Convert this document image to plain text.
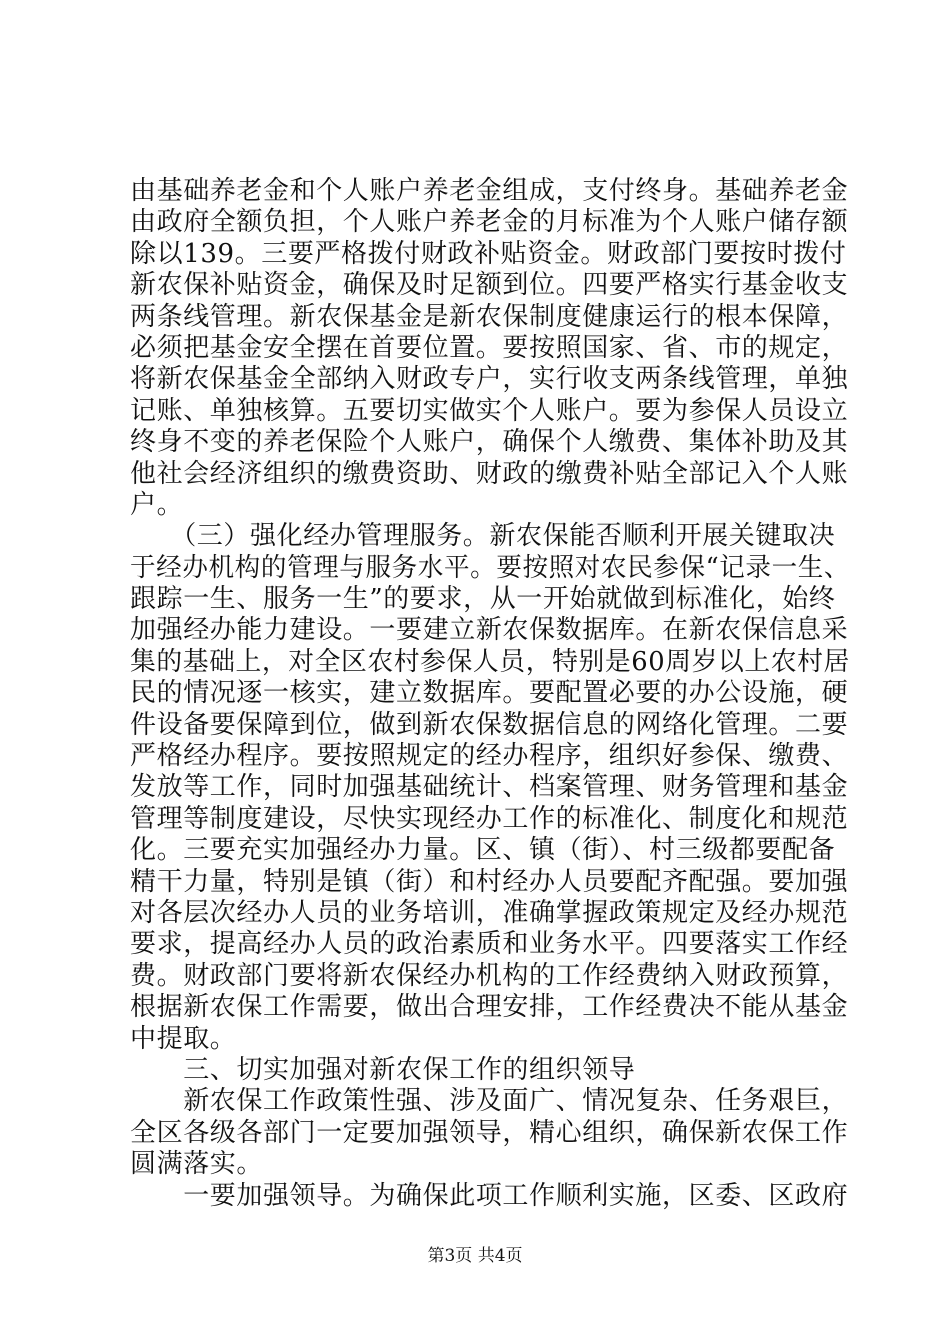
由基础养老金和个人账户养老金组成，支付终身。基础养老金
由政府全额负担，个人账户养老金的月标准为个人账户储存额
除以139。三要严格拨付财政补贴资金。财政部门要按时拨付
新农保补贴资金，确保及时足额到位。四要严格实行基金收支
两条线管理。新农保基金是新农保制度健康运行的根本保障，
必须把基金安全摆在首要位置。要按照国家、省、市的规定，
将新农保基金全部纳入财政专户，实行收支两条线管理，单独
记账、单独核算。五要切实做实个人账户。要为参保人员设立
终身不变的养老保险个人账户，确保个人缴费、集体补助及其
他社会经济组织的缴费资助、财政的缴费补贴全部记入个人账
户。
　　（三）强化经办管理服务。新农保能否顺利开展关键取决
于经办机构的管理与服务水平。要按照对农民参保“记录一生、
跟踪一生、服务一生”的要求，从一开始就做到标准化，始终
加强经办能力建设。一要建立新农保数据库。在新农保信息采
集的基础上，对全区农村参保人员，特别是60周岁以上农村居
民的情况逐一核实，建立数据库。要配置必要的办公设施，硬
件设备要保障到位，做到新农保数据信息的网络化管理。二要
严格经办程序。要按照规定的经办程序，组织好参保、缴费、
发放等工作，同时加强基础统计、档案管理、财务管理和基金
管理等制度建设，尽快实现经办工作的标准化、制度化和规范
化。三要充实加强经办力量。区、镇（街）、村三级都要配备
精干力量，特别是镇（街）和村经办人员要配齐配强。要加强
对各层次经办人员的业务培训，准确掌握政策规定及经办规范
要求，提高经办人员的政治素质和业务水平。四要落实工作经
费。财政部门要将新农保经办机构的工作经费纳入财政预算，
根据新农保工作需要，做出合理安排，工作经费决不能从基金
中提取。
　　三、切实加强对新农保工作的组织领导
　　新农保工作政策性强、涉及面广、情况复杂、任务艰巨，
全区各级各部门一定要加强领导，精心组织，确保新农保工作
圆满落实。
　　一要加强领导。为确保此项工作顺利实施，区委、区政府
第3页 共4页
